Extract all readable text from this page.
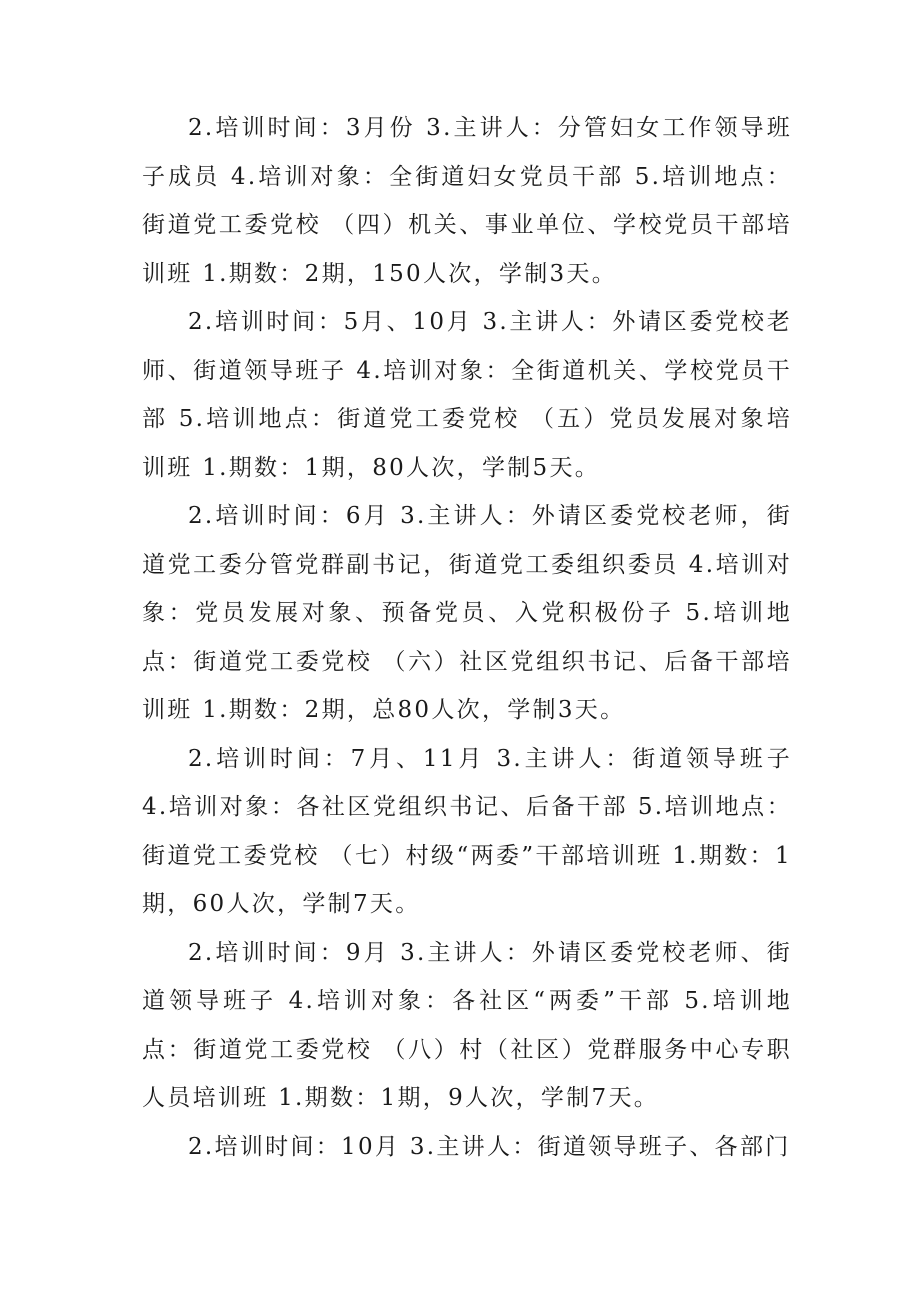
2.培训时间：3月份 3.主讲人：分管妇女工作领导班子成员 4.培训对象：全街道妇女党员干部 5.培训地点：街道党工委党校 （四）机关、事业单位、学校党员干部培训班 1.期数：2期，150人次，学制3天。

2.培训时间：5月、10月 3.主讲人：外请区委党校老师、街道领导班子 4.培训对象：全街道机关、学校党员干部 5.培训地点：街道党工委党校 （五）党员发展对象培训班 1.期数：1期，80人次，学制5天。

2.培训时间：6月 3.主讲人：外请区委党校老师，街道党工委分管党群副书记，街道党工委组织委员 4.培训对象：党员发展对象、预备党员、入党积极份子 5.培训地点：街道党工委党校 （六）社区党组织书记、后备干部培训班 1.期数：2期，总80人次，学制3天。

2.培训时间：7月、11月 3.主讲人：街道领导班子 4.培训对象：各社区党组织书记、后备干部 5.培训地点：街道党工委党校 （七）村级“两委”干部培训班 1.期数：1期，60人次，学制7天。

2.培训时间：9月 3.主讲人：外请区委党校老师、街道领导班子 4.培训对象：各社区“两委”干部 5.培训地点：街道党工委党校 （八）村（社区）党群服务中心专职人员培训班 1.期数：1期，9人次，学制7天。

2.培训时间：10月 3.主讲人：街道领导班子、各部门
